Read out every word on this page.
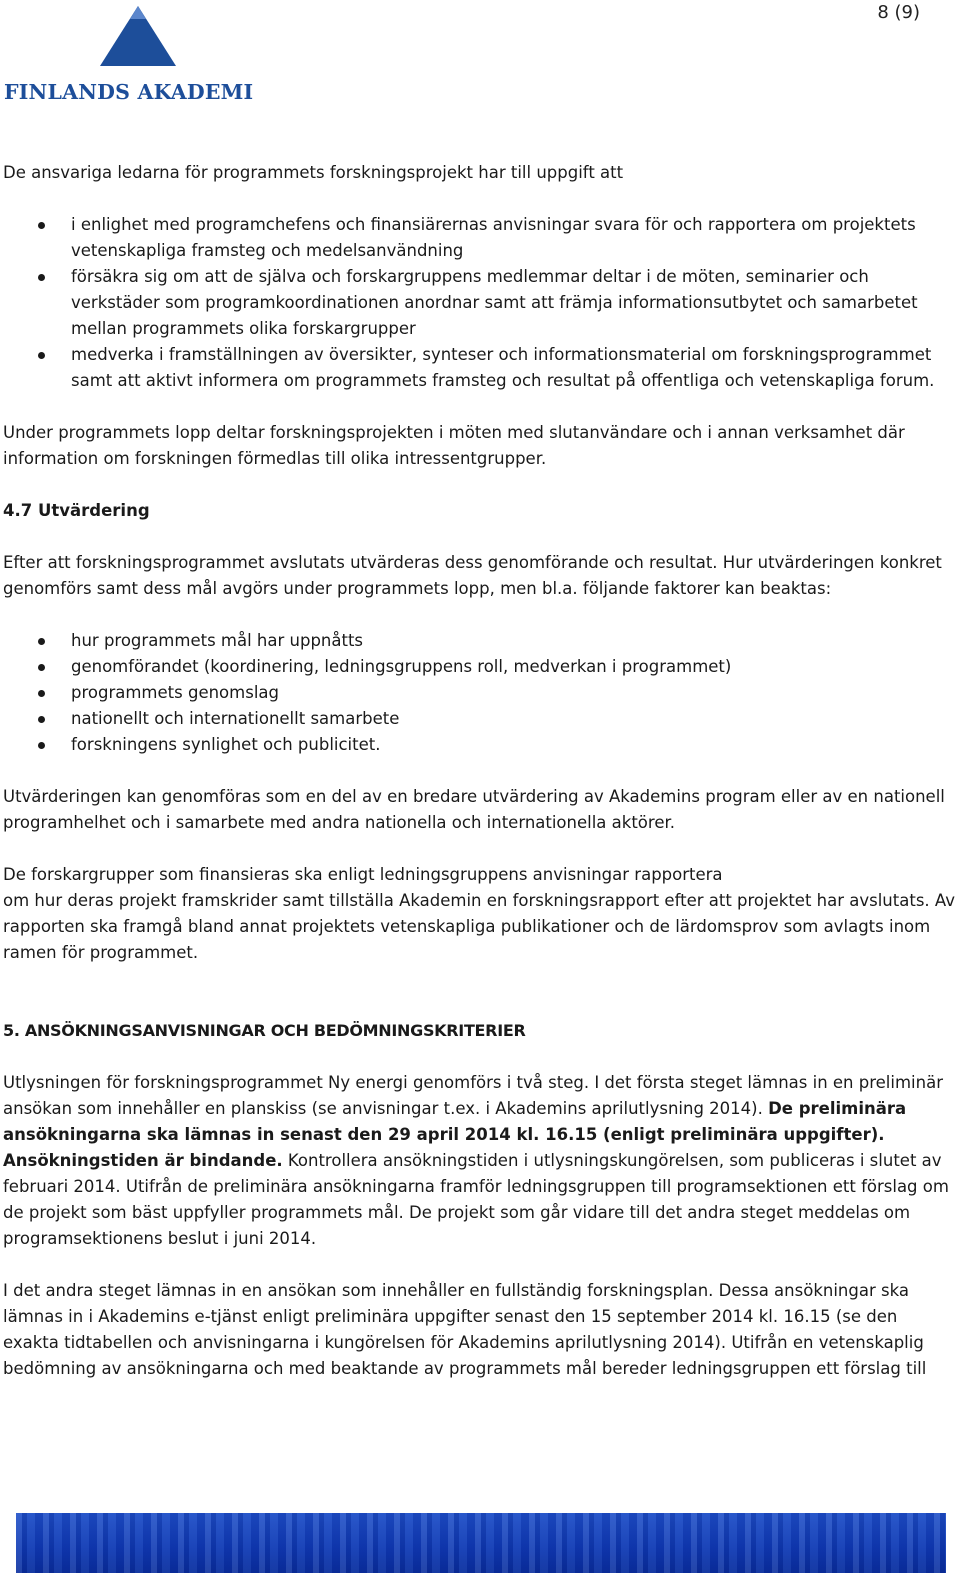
8 (9)
FINLANDS AKADEMI

De ansvariga ledarna för programmets forskningsprojekt har till uppgift att

i enlighet med programchefens och finansiärernas anvisningar svara för och rapportera om projektets vetenskapliga framsteg och medelsanvändning
försäkra sig om att de själva och forskargruppens medlemmar deltar i de möten, seminarier och verkstäder som programkoordinationen anordnar samt att främja informationsutbytet och samarbetet mellan programmets olika forskargrupper
medverka i framställningen av översikter, synteser och informationsmaterial om forskningsprogrammet samt att aktivt informera om programmets framsteg och resultat på offentliga och vetenskapliga forum.

Under programmets lopp deltar forskningsprojekten i möten med slutanvändare och i annan verksamhet där information om forskningen förmedlas till olika intressentgrupper.

4.7 Utvärdering

Efter att forskningsprogrammet avslutats utvärderas dess genomförande och resultat. Hur utvärderingen konkret genomförs samt dess mål avgörs under programmets lopp, men bl.a. följande faktorer kan beaktas:

hur programmets mål har uppnåtts
genomförandet (koordinering, ledningsgruppens roll, medverkan i programmet)
programmets genomslag
nationellt och internationellt samarbete
forskningens synlighet och publicitet.

Utvärderingen kan genomföras som en del av en bredare utvärdering av Akademins program eller av en nationell programhelhet och i samarbete med andra nationella och internationella aktörer.

De forskargrupper som finansieras ska enligt ledningsgruppens anvisningar rapportera
om hur deras projekt framskrider samt tillställa Akademin en forskningsrapport efter att projektet har avslutats. Av rapporten ska framgå bland annat projektets vetenskapliga publikationer och de lärdomsprov som avlagts inom ramen för programmet.

5. ANSÖKNINGSANVISNINGAR OCH BEDÖMNINGSKRITERIER

Utlysningen för forskningsprogrammet Ny energi genomförs i två steg. I det första steget lämnas in en preliminär ansökan som innehåller en planskiss (se anvisningar t.ex. i Akademins aprilutlysning 2014). De preliminära ansökningarna ska lämnas in senast den 29 april 2014 kl. 16.15 (enligt preliminära uppgifter). Ansökningstiden är bindande. Kontrollera ansökningstiden i utlysningskungörelsen, som publiceras i slutet av februari 2014. Utifrån de preliminära ansökningarna framför ledningsgruppen till programsektionen ett förslag om de projekt som bäst uppfyller programmets mål. De projekt som går vidare till det andra steget meddelas om programsektionens beslut i juni 2014.

I det andra steget lämnas in en ansökan som innehåller en fullständig forskningsplan. Dessa ansökningar ska lämnas in i Akademins e-tjänst enligt preliminära uppgifter senast den 15 september 2014 kl. 16.15 (se den exakta tidtabellen och anvisningarna i kungörelsen för Akademins aprilutlysning 2014). Utifrån en vetenskaplig bedömning av ansökningarna och med beaktande av programmets mål bereder ledningsgruppen ett förslag till
